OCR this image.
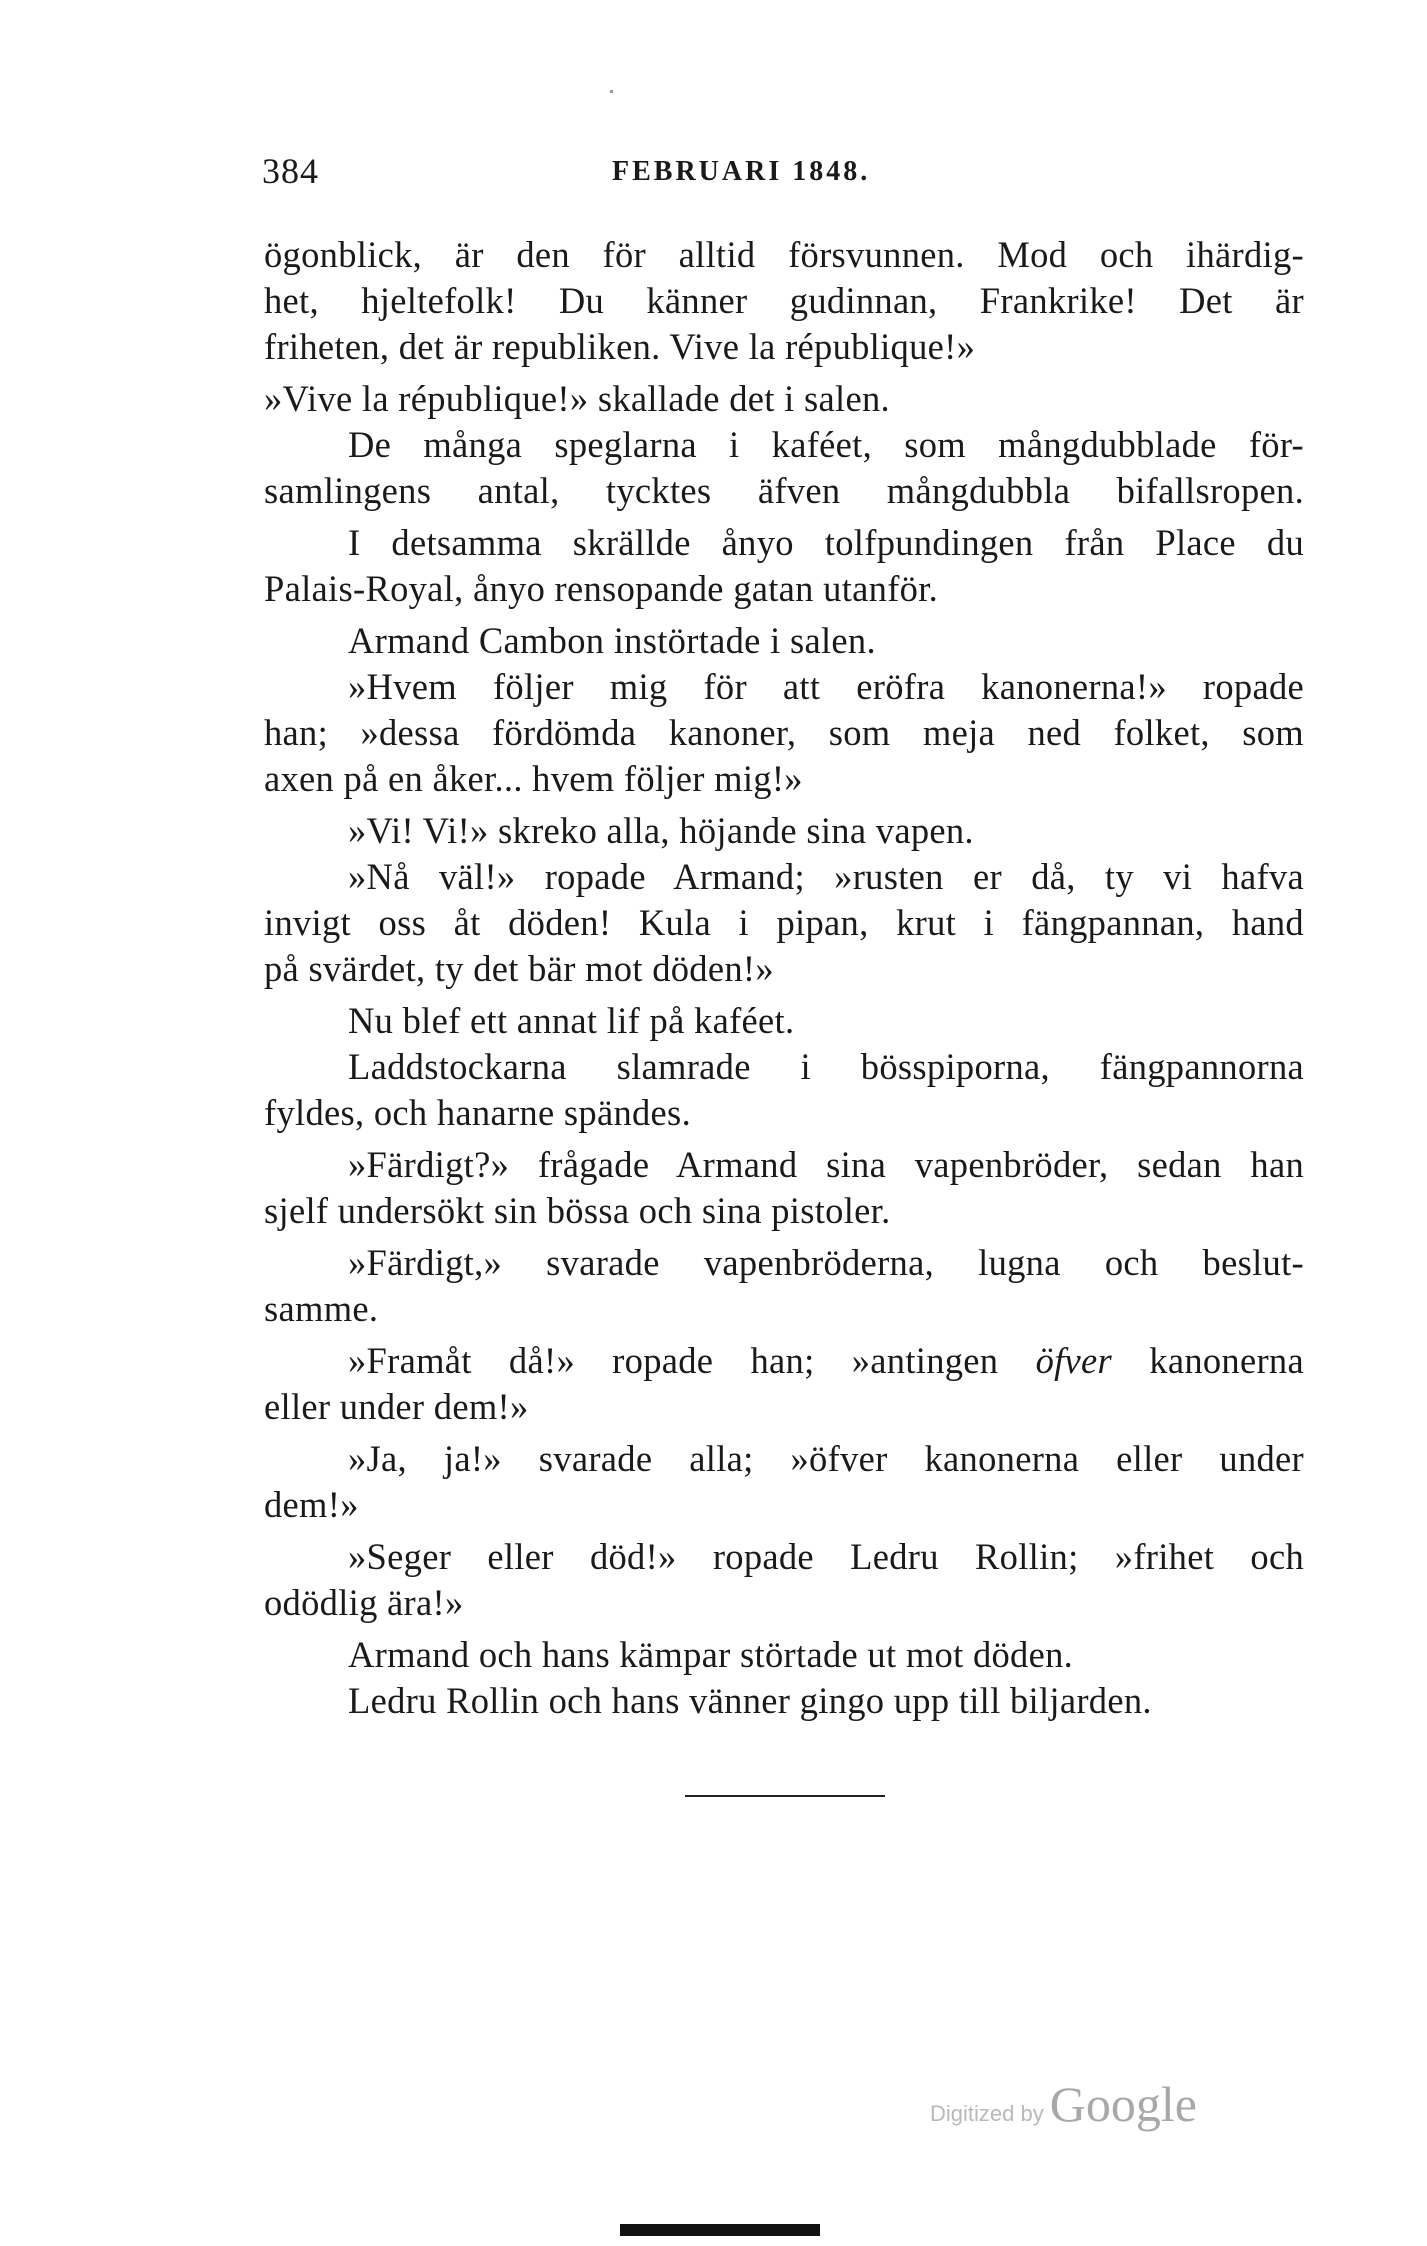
384	FEBRUARI 1848.
ögonblick, är den för alltid försvunnen. Mod och ihärdig-
het, hjeltefolk! Du känner gudinnan, Frankrike! Det är
friheten, det är republiken. Vive la république!»
»Vive la république!» skallade det i salen.
De många speglarna i kaféet, som mångdubblade för-
samlingens antal, tycktes äfven mångdubbla bifallsropen.
I detsamma skrällde ånyo tolfpundingen från Place du
Palais-Royal, ånyo rensopande gatan utanför.
Armand Cambon instörtade i salen.
»Hvem följer mig för att eröfra kanonerna!» ropade
han; »dessa fördömda kanoner, som meja ned folket, som
axen på en åker... hvem följer mig!»
»Vi! Vi!» skreko alla, höjande sina vapen.
»Nå väl!» ropade Armand; »rusten er då, ty vi hafva
invigt oss åt döden! Kula i pipan, krut i fängpannan, hand
på svärdet, ty det bär mot döden!»
Nu blef ett annat lif på kaféet.
Laddstockarna slamrade i bösspiporna, fängpannorna
fyldes, och hanarne spändes.
»Färdigt?» frågade Armand sina vapenbröder, sedan han
sjelf undersökt sin bössa och sina pistoler.
»Färdigt,» svarade vapenbröderna, lugna och beslut-
samme.
»Framåt då!» ropade han; »antingen öfver kanonerna
eller under dem!»
»Ja, ja!» svarade alla; »öfver kanonerna eller under
dem!»
»Seger eller död!» ropade Ledru Rollin; »frihet och
odödlig ära!»
Armand och hans kämpar störtade ut mot döden.
Ledru Rollin och hans vänner gingo upp till biljarden.
Digitized by Google
